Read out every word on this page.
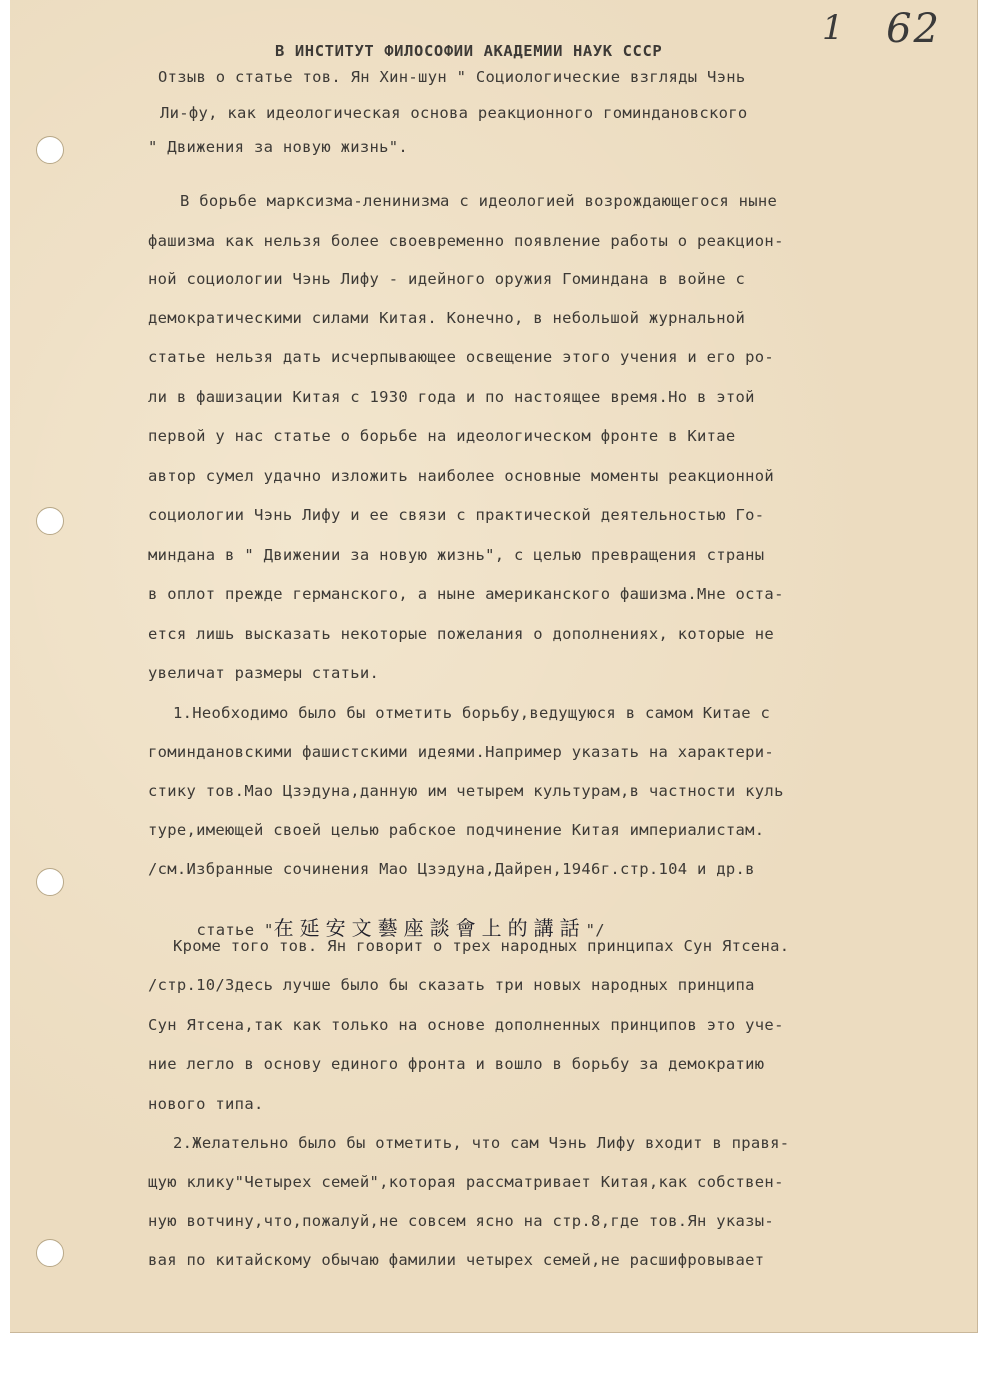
1 62
В ИНСТИТУТ ФИЛОСОФИИ АКАДЕМИИ НАУК СССР
Отзыв о статье тов. Ян Хин-шун " Социологические взгляды Чэнь
Ли-фу, как идеологическая основа реакционного гоминдановского
" Движения за новую жизнь".
В борьбе марксизма-ленинизма с идеологией возрождающегося ныне
фашизма как нельзя более своевременно появление работы о реакцион-
ной социологии Чэнь Лифу - идейного оружия Гоминдана в войне с
демократическими силами Китая. Конечно, в небольшой журнальной
статье нельзя дать исчерпывающее освещение этого учения и его ро-
ли в фашизации Китая с 1930 года и по настоящее время.Но в этой
первой у нас статье о борьбе на идеологическом фронте в Китае
автор сумел удачно изложить наиболее основные моменты реакционной
социологии Чэнь Лифу и ее связи с практической деятельностью Го-
миндана в " Движении за новую жизнь", с целью превращения страны
в оплот прежде германского, а ныне американского фашизма.Мне оста-
ется лишь высказать некоторые пожелания о дополнениях, которые не
увеличат размеры статьи.
1.Необходимо было бы отметить борьбу,ведущуюся в самом Китае с
гоминдановскими фашистскими идеями.Например указать на характери-
стику тов.Мао Цзэдуна,данную им четырем культурам,в частности куль
туре,имеющей своей целью рабское подчинение Китая империалистам.
/см.Избранные сочинения Мао Цзэдуна,Дайрен,1946г.стр.104 и др.в
Кроме того тов. Ян говорит о трех народных принципах Сун Ятсена.
/стр.10/Здесь лучше было бы сказать три новых народных принципа
Сун Ятсена,так как только на основе дополненных принципов это уче-
ние легло в основу единого фронта и вошло в борьбу за демократию
нового типа.
2.Желательно было бы отметить, что сам Чэнь Лифу входит в правя-
щую клику"Четырех семей",которая рассматривает Китая,как собствен-
ную вотчину,что,пожалуй,не совсем ясно на стр.8,где тов.Ян указы-
вая по китайскому обычаю фамилии четырех семей,не расшифровывает

статье "在延安文藝座談會上的講話"/
